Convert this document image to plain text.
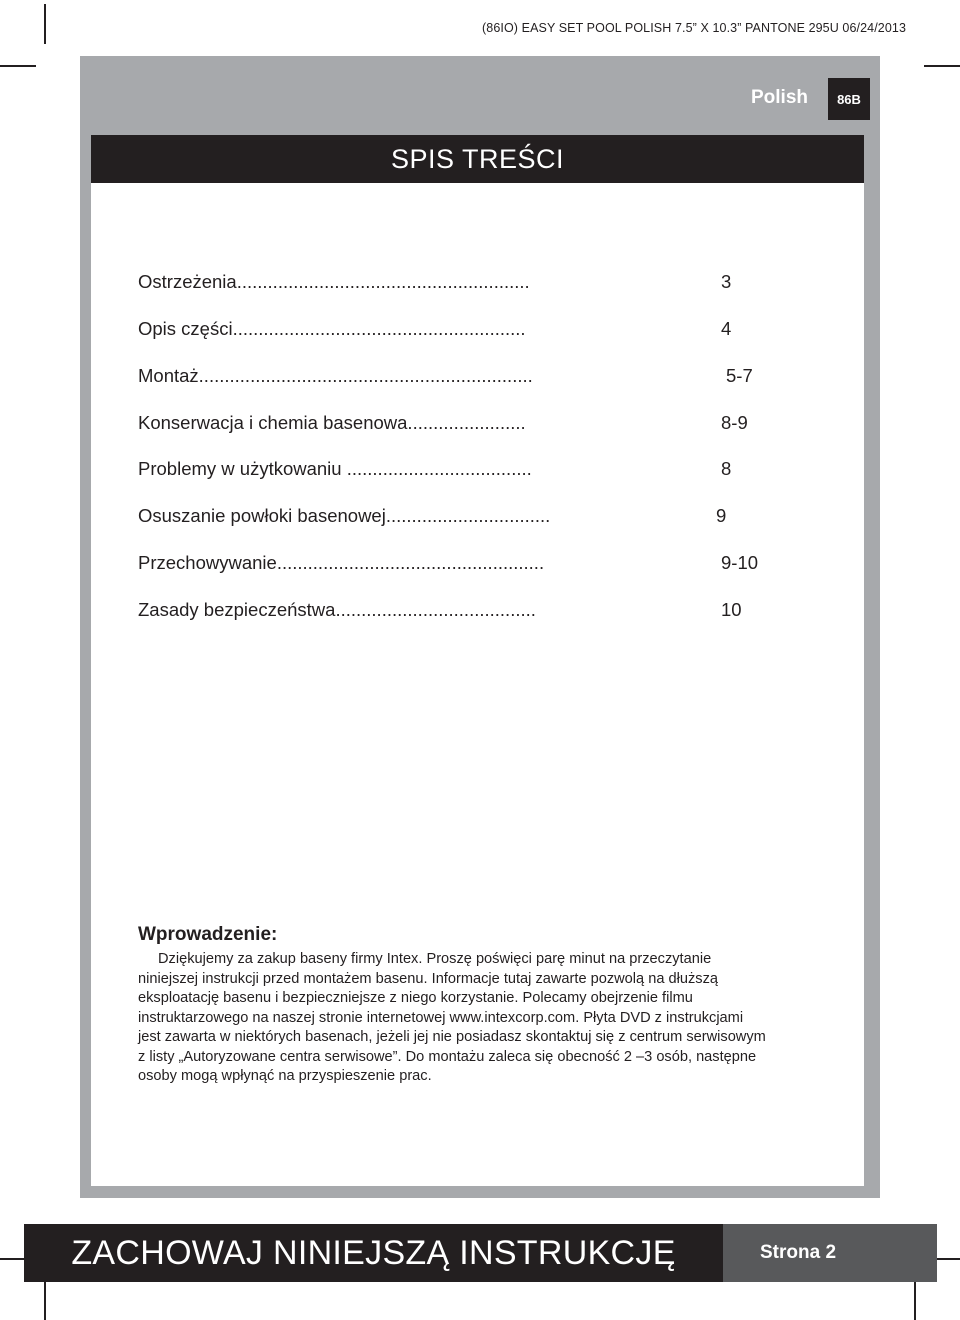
(86IO) EASY SET POOL POLISH 7.5” X 10.3” PANTONE 295U 06/24/2013
Polish	86B
SPIS TREŚCI
Ostrzeżenia.........................................................	3
Opis części.........................................................	4
Montaż.................................................................	5-7
Konserwacja i chemia basenowa.......................	8-9
Problemy w użytkowaniu ....................................	8
Osuszanie powłoki basenowej................................	9
Przechowywanie....................................................	9-10
Zasady bezpieczeństwa.......................................	10
Wprowadzenie:
Dziękujemy za zakup baseny firmy Intex. Proszę poświęci parę minut na przeczytanie
niniejszej instrukcji przed montażem basenu. Informacje tutaj zawarte pozwolą na dłuższą
eksploatację basenu i bezpieczniejsze z niego korzystanie. Polecamy obejrzenie filmu
instruktarzowego na naszej stronie internetowej www.intexcorp.com. Płyta DVD z instrukcjami
jest zawarta w niektórych basenach, jeżeli jej nie posiadasz skontaktuj się z centrum serwisowym
z listy „Autoryzowane centra serwisowe”. Do montażu zaleca się obecność 2 –3 osób, następne
osoby mogą wpłynąć na przyspieszenie prac.
ZACHOWAJ NINIEJSZĄ INSTRUKCJĘ	Strona 2
